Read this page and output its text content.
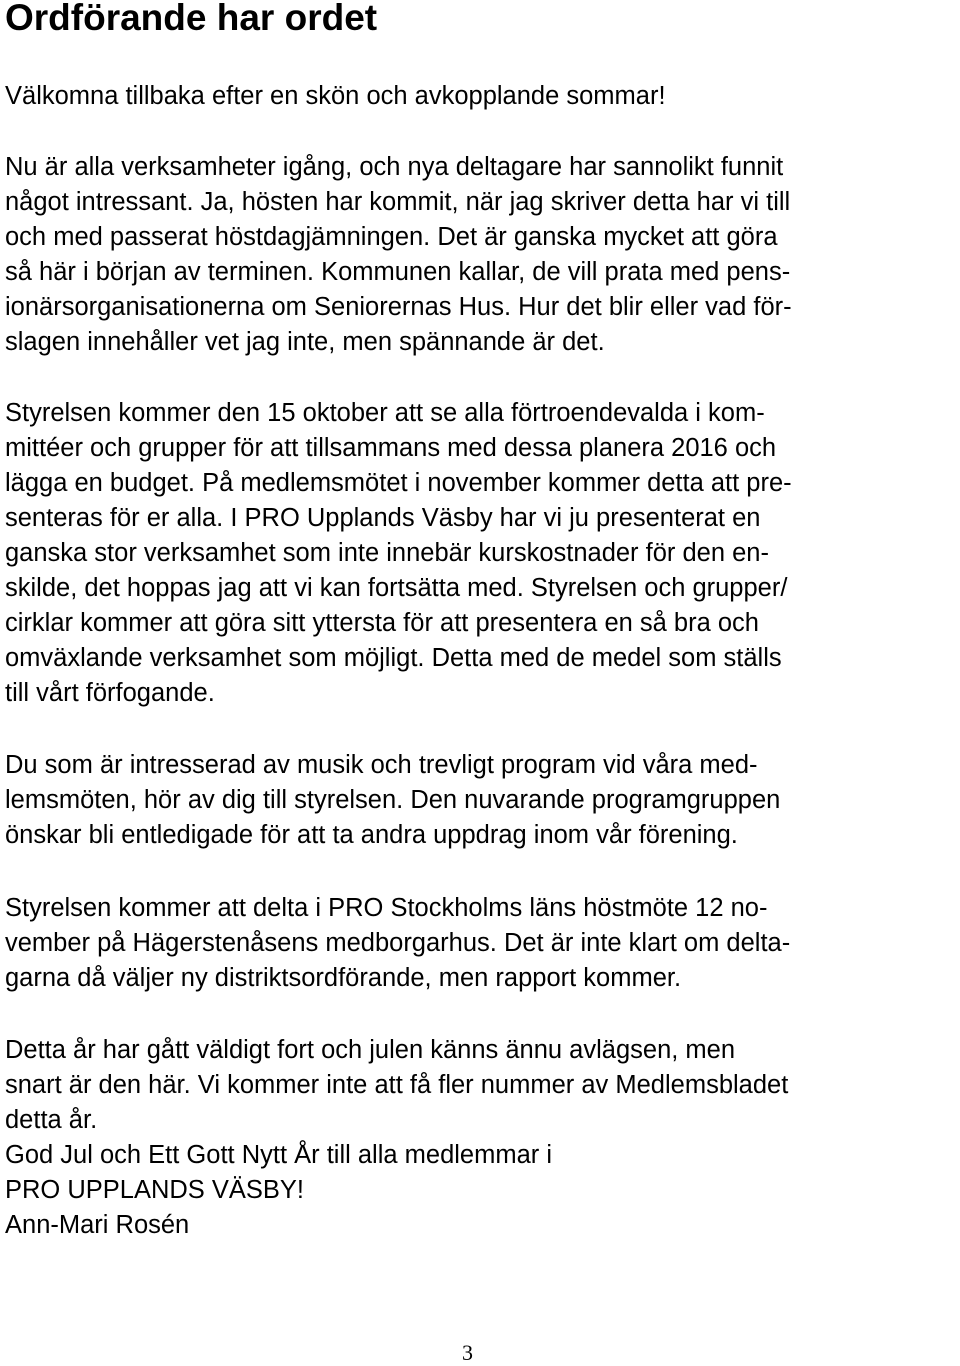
Ordförande har ordet

Välkomna tillbaka efter en skön och avkopplande sommar!

Nu är alla verksamheter igång, och nya deltagare har sannolikt funnit

något intressant. Ja, hösten har kommit, när jag skriver detta har vi till

och med passerat höstdagjämningen. Det är ganska mycket att göra

så här i början av terminen. Kommunen kallar, de vill prata med pens-

ionärsorganisationerna om Seniorernas Hus. Hur det blir eller vad för-

slagen innehåller vet jag inte, men spännande är det.

Styrelsen kommer den 15 oktober att se alla förtroendevalda i kom-

mittéer och grupper för att tillsammans med dessa planera 2016 och

lägga en budget. På medlemsmötet i november kommer detta att pre-

senteras för er alla. I PRO Upplands Väsby har vi ju presenterat en

ganska stor verksamhet som inte innebär kurskostnader för den en-

skilde, det hoppas jag att vi kan fortsätta med. Styrelsen och grupper/

cirklar kommer att göra sitt yttersta för att presentera en så bra och

omväxlande verksamhet som möjligt. Detta med de medel som ställs

till vårt förfogande.

Du som är intresserad av musik och trevligt program vid våra med-

lemsmöten, hör av dig till styrelsen. Den nuvarande programgruppen

önskar bli entledigade för att ta andra uppdrag inom vår förening.

Styrelsen kommer att delta i PRO Stockholms läns höstmöte 12 no-

vember på Hägerstenåsens medborgarhus. Det är inte klart om delta-

garna då väljer ny distriktsordförande, men rapport kommer.

Detta år har gått väldigt fort och julen känns ännu avlägsen, men

snart är den här. Vi kommer inte att få fler nummer av Medlemsbladet

detta år.

God Jul och Ett Gott Nytt År till alla medlemmar i

PRO UPPLANDS VÄSBY!

Ann-Mari Rosén

3
